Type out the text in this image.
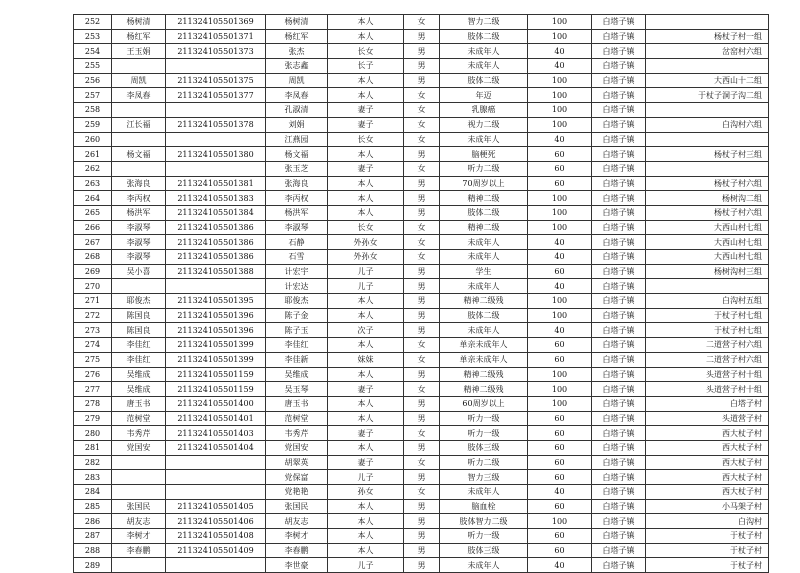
252	杨树清	211324105501369	杨树清	本人	女	智力二级	100	白塔子镇	
253	杨红军	211324105501371	杨红军	本人	男	肢体二级	100	白塔子镇	杨杖子村一组
254	王玉娟	211324105501373	张杰	长女	男	未成年人	40	白塔子镇	岔窑村六组
255			张志鑫	长子	男	未成年人	40	白塔子镇	
256	周凯	211324105501375	周凯	本人	男	肢体二级	100	白塔子镇	大西山十二组
257	李凤春	211324105501377	李凤春	本人	女	年迈	100	白塔子镇	于杖子洞子沟二组
258			孔淑清	妻子	女	乳腺癌	100	白塔子镇	
259	江长福	211324105501378	刘娟	妻子	女	视力二级	100	白塔子镇	白沟村六组
260			江燕园	长女	女	未成年人	40	白塔子镇	
261	杨文福	211324105501380	杨文福	本人	男	脑梗死	60	白塔子镇	杨杖子村三组
262			张玉芝	妻子	女	听力二级	60	白塔子镇	
263	张海良	211324105501381	张海良	本人	男	70周岁以上	60	白塔子镇	杨杖子村六组
264	李丙权	211324105501383	李丙权	本人	男	精神二级	100	白塔子镇	杨树沟二组
265	杨洪军	211324105501384	杨洪军	本人	男	肢体二级	100	白塔子镇	杨杖子村六组
266	李淑琴	211324105501386	李淑琴	长女	女	精神二级	100	白塔子镇	大西山村七组
267	李淑琴	211324105501386	石静	外孙女	女	未成年人	40	白塔子镇	大西山村七组
268	李淑琴	211324105501386	石雪	外孙女	女	未成年人	40	白塔子镇	大西山村七组
269	吴小喜	211324105501388	计宏宇	儿子	男	学生	60	白塔子镇	杨树沟村三组
270			计宏达	儿子	男	未成年人	40	白塔子镇	
271	耶俊杰	211324105501395	耶俊杰	本人	男	精神二级残	100	白塔子镇	白沟村五组
272	陈国良	211324105501396	陈子金	本人	男	肢体二级	100	白塔子镇	于杖子村七组
273	陈国良	211324105501396	陈子玉	次子	男	未成年人	40	白塔子镇	于杖子村七组
274	李佳红	211324105501399	李佳红	本人	女	单亲未成年人	60	白塔子镇	二道营子村六组
275	李佳红	211324105501399	李佳新	妹妹	女	单亲未成年人	60	白塔子镇	二道营子村六组
276	吴维成	211324105501159	吴维成	本人	男	精神二级残	100	白塔子镇	头道营子村十组
277	吴维成	211324105501159	吴玉琴	妻子	女	精神二级残	100	白塔子镇	头道营子村十组
278	唐玉书	211324105501400	唐玉书	本人	男	60周岁以上	100	白塔子镇	白塔子村
279	范树堂	211324105501401	范树堂	本人	男	听力一级	60	白塔子镇	头道营子村
280	韦秀芹	211324105501403	韦秀芹	妻子	女	听力一级	60	白塔子镇	西大杖子村
281	党国安	211324105501404	党国安	本人	男	肢体三级	60	白塔子镇	西大杖子村
282			胡翠英	妻子	女	听力二级	60	白塔子镇	西大杖子村
283			党保富	儿子	男	智力三级	60	白塔子镇	西大杖子村
284			党艳艳	孙女	女	未成年人	40	白塔子镇	西大杖子村
285	张国民	211324105501405	张国民	本人	男	脑血栓	60	白塔子镇	小马架子村
286	胡友志	211324105501406	胡友志	本人	男	肢体智力二级	100	白塔子镇	白沟村
287	李树才	211324105501408	李树才	本人	男	听力一级	60	白塔子镇	于杖子村
288	李春鹏	211324105501409	李春鹏	本人	男	肢体三级	60	白塔子镇	于杖子村
289			李世豪	儿子	男	未成年人	40	白塔子镇	于杖子村
